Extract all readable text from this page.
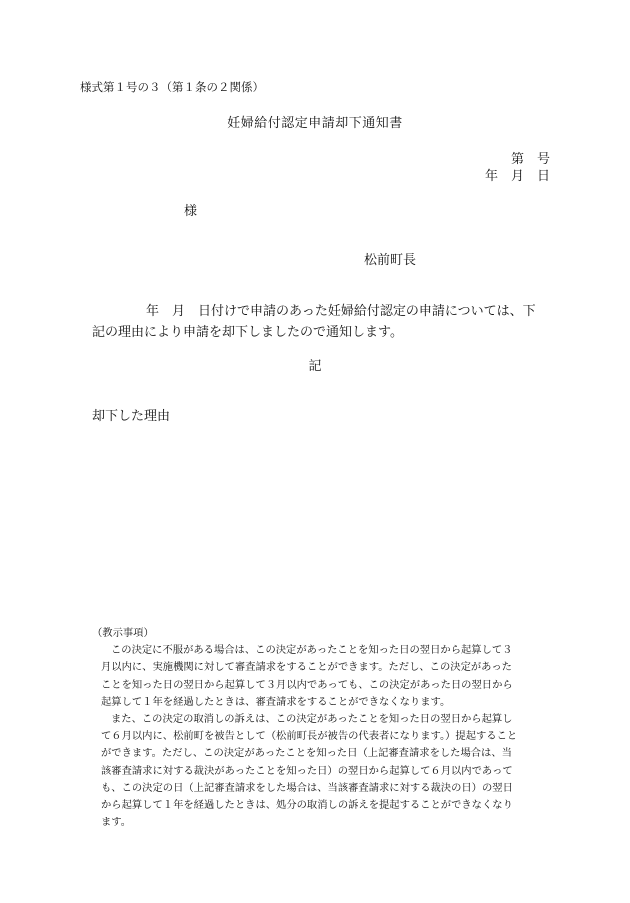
様式第１号の３（第１条の２関係）
妊婦給付認定申請却下通知書
第　号
年　月　日
様
松前町長
年　月　日付けで申請のあった妊婦給付認定の申請については、下
記の理由により申請を却下しましたので通知します。
記
却下した理由
（教示事項）
この決定に不服がある場合は、この決定があったことを知った日の翌日から起算して３
月以内に、実施機関に対して審査請求をすることができます。ただし、この決定があった
ことを知った日の翌日から起算して３月以内であっても、この決定があった日の翌日から
起算して１年を経過したときは、審査請求をすることができなくなります。
また、この決定の取消しの訴えは、この決定があったことを知った日の翌日から起算し
て６月以内に、松前町を被告として（松前町長が被告の代表者になります。）提起すること
ができます。ただし、この決定があったことを知った日（上記審査請求をした場合は、当
該審査請求に対する裁決があったことを知った日）の翌日から起算して６月以内であって
も、この決定の日（上記審査請求をした場合は、当該審査請求に対する裁決の日）の翌日
から起算して１年を経過したときは、処分の取消しの訴えを提起することができなくなり
ます。
